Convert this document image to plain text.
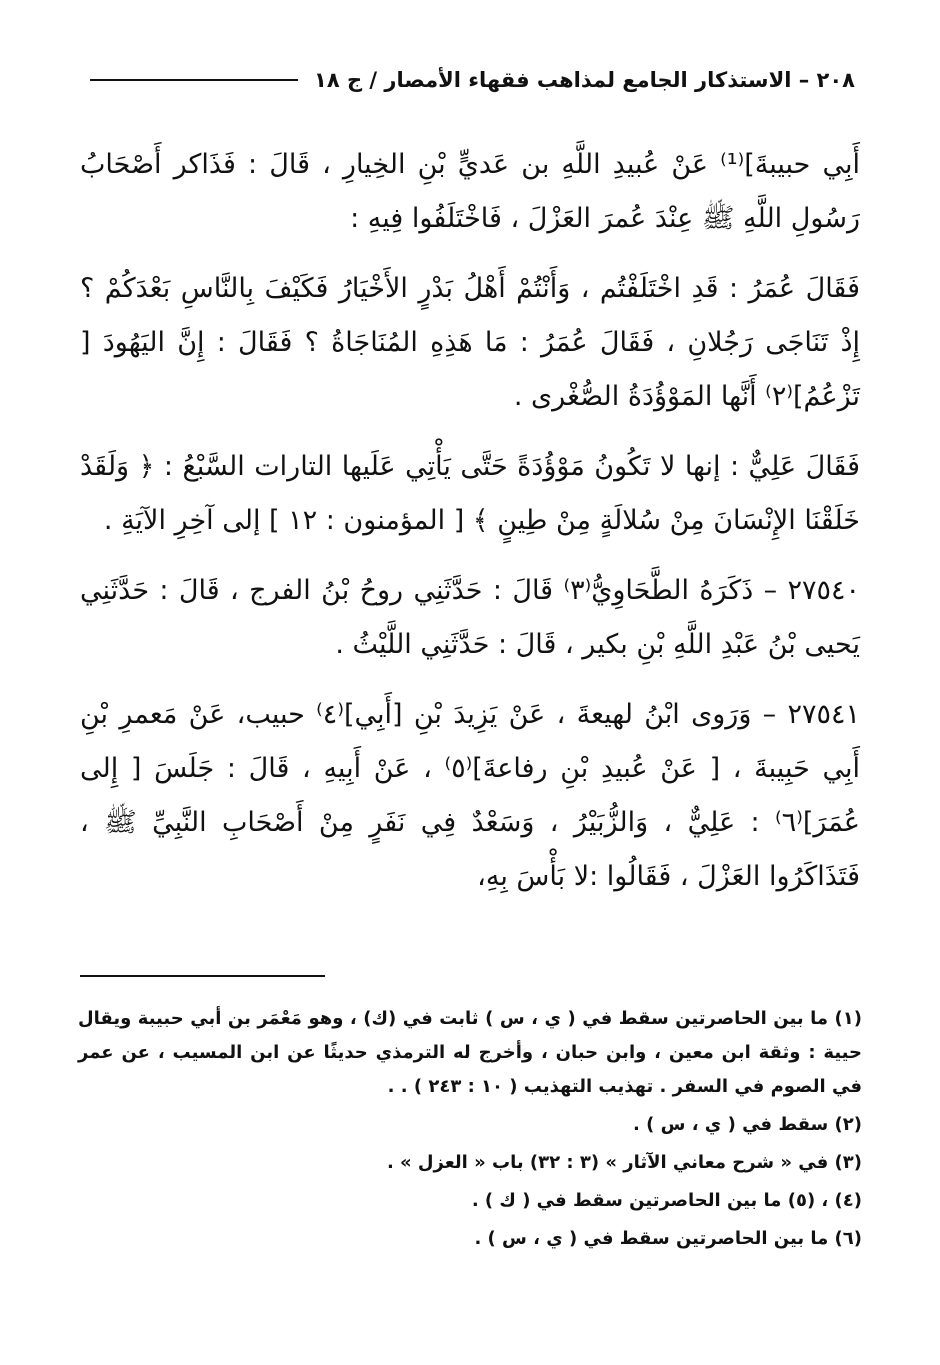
٢٠٨ – الاستذكار الجامع لمذاهب فقهاء الأمصار / ج ١٨

أَبِي حبيبةَ]⁽¹⁾ عَنْ عُبيدِ اللَّهِ بن عَديٍّ بْنِ الخِيارِ ، قَالَ : فَذَاكر أَصْحَابُ رَسُولِ اللَّهِ ﷺ عِنْدَ عُمرَ العَزْلَ ، فَاخْتَلَفُوا فِيهِ :

فَقَالَ عُمَرُ : قَدِ اخْتَلَفْتُم ، وَأَنْتُمْ أَهْلُ بَدْرٍ الأَخْيَارُ فَكَيْفَ بِالنَّاسِ بَعْدَكُمْ ؟ إِذْ تَنَاجَى رَجُلانِ ، فَقَالَ عُمَرُ : مَا هَذِهِ المُنَاجَاةُ ؟ فَقَالَ : إِنَّ اليَهُودَ [ تَزْعُمُ]⁽٢⁾ أَنَّها المَوْؤُدَةُ الصُّغْرى .

فَقَالَ عَلِيٌّ : إنها لا تَكُونُ مَوْؤُدَةً حَتَّى يَأْتِي عَلَيها التارات السَّبْعُ : ﴿ وَلَقَدْ خَلَقْنَا الإِنْسَانَ مِنْ سُلالَةٍ مِنْ طِينٍ ﴾ [ المؤمنون : ١٢ ] إلى آخِرِ الآيَةِ .

٢٧٥٤٠ – ذَكَرَهُ الطَّحَاوِيُّ⁽٣⁾ قَالَ : حَدَّثَنِي روحُ بْنُ الفرج ، قَالَ : حَدَّثَنِي يَحيى بْنُ عَبْدِ اللَّهِ بْنِ بكير ، قَالَ : حَدَّثَنِي اللَّيْثُ .

٢٧٥٤١ – وَرَوى ابْنُ لهيعةَ ، عَنْ يَزِيدَ بْنِ [أَبِي]⁽٤⁾ حبيب، عَنْ مَعمرِ بْنِ أَبِي حَبِيبةَ ، [ عَنْ عُبيدِ بْنِ رفاعةَ]⁽٥⁾ ، عَنْ أَبِيهِ ، قَالَ : جَلَسَ [ إِلى عُمَرَ]⁽٦⁾ : عَلِيٌّ ، وَالزُّبَيْرُ ، وَسَعْدٌ فِي نَفَرٍ مِنْ أَصْحَابِ النَّبِيِّ ﷺ ، فَتَذَاكَرُوا العَزْلَ ، فَقَالُوا :لا بَأْسَ بِهِ،

(١) ما بين الحاصرتين سقط في ( ي ، س ) ثابت في (ك) ، وهو مَعْمَر بن أبي حبيبة ويقال حيية : وثقة ابن معين ، وابن حبان ، وأخرج له الترمذي حديثًا عن ابن المسيب ، عن عمر في الصوم في السفر . تهذيب التهذيب ( ١٠ : ٢٤٣ ) . .

(٢) سقط في ( ي ، س ) .

(٣) في « شرح معاني الآثار » (٣ : ٣٢) باب « العزل » .

(٤) ، (٥) ما بين الحاصرتين سقط في ( ك ) .

(٦) ما بين الحاصرتين سقط في ( ي ، س ) .
